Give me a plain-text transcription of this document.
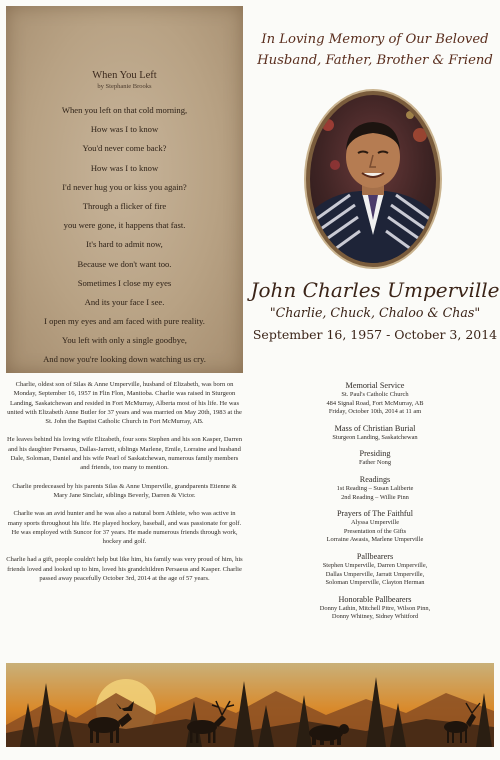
When You Left
by Stephanie Brooks
When you left on that cold morning,
How was I to know
You'd never come back?
How was I to know
I'd never hug you or kiss you again?
Through a flicker of fire
you were gone, it happens that fast.
It's hard to admit now,
Because we don't want too.
Sometimes I close my eyes
And its your face I see.
I open my eyes and am faced with pure reality.
You left with only a single goodbye,
And now you're looking down watching us cry.
In Loving Memory of Our Beloved
Husband, Father, Brother & Friend
John Charles Umperville
"Charlie, Chuck, Chaloo & Chas"
September 16, 1957 - October 3, 2014

Charlie, oldest son of Silas & Anne Umperville, husband of Elizabeth, was born on Monday, September 16, 1957 in Flin Flon, Manitoba. Charlie was raised in Sturgeon Landing, Saskatchewan and resided in Fort McMurray, Alberta most of his life. He was united with Elizabeth Anne Butler for 37 years and was married on May 20th, 1983 at the St. John the Baptist Catholic Church in Fort McMurray, AB.

He leaves behind his loving wife Elizabeth, four sons Stephen and his son Kasper, Darren and his daughter Persaeus, Dallas-Jarrett, siblings Marlene, Emile, Lorraine and husband Dale, Soloman, Daniel and his wife Pearl of Saskatchewan, numerous family members and friends, too many to mention.

Charlie predeceased by his parents Silas & Anne Umperville, grandparents Etienne & Mary Jane Sinclair, siblings Beverly, Darren & Victor.

Charlie was an avid hunter and he was also a natural born Athlete, who was active in many sports throughout his life. He played hockey, baseball, and was passionate for golf. He was employed with Suncor for 37 years. He made numerous friends through work, hockey and golf.

Charlie had a gift, people couldn't help but like him, his family was very proud of him, his friends loved and looked up to him, loved his grandchildren Persaeus and Kasper. Charlie passed away peacefully October 3rd, 2014 at the age of 57 years.

Memorial Service
St. Paul's Catholic Church
484 Signal Road, Fort McMurray, AB
Friday, October 10th, 2014 at 11 am
Mass of Christian Burial
Sturgeon Landing, Saskatchewan
Presiding
Father Nong
Readings
1st Reading – Susan Laliberte
2nd Reading – Willie Pinn
Prayers of The Faithful
Alyssa Umperville
Presentation of the Gifts
Lorraine Awasis, Marlene Umperville
Pallbearers
Stephen Umperville, Darren Umperville,
Dallas Umperville, Jarratt Umperville,
Soloman Umperville, Clayton Herman
Honorable Pallbearers
Donny Lathin, Mitchell Pitre, Wilson Pinn,
Donny Whitney, Sidney Whitford
